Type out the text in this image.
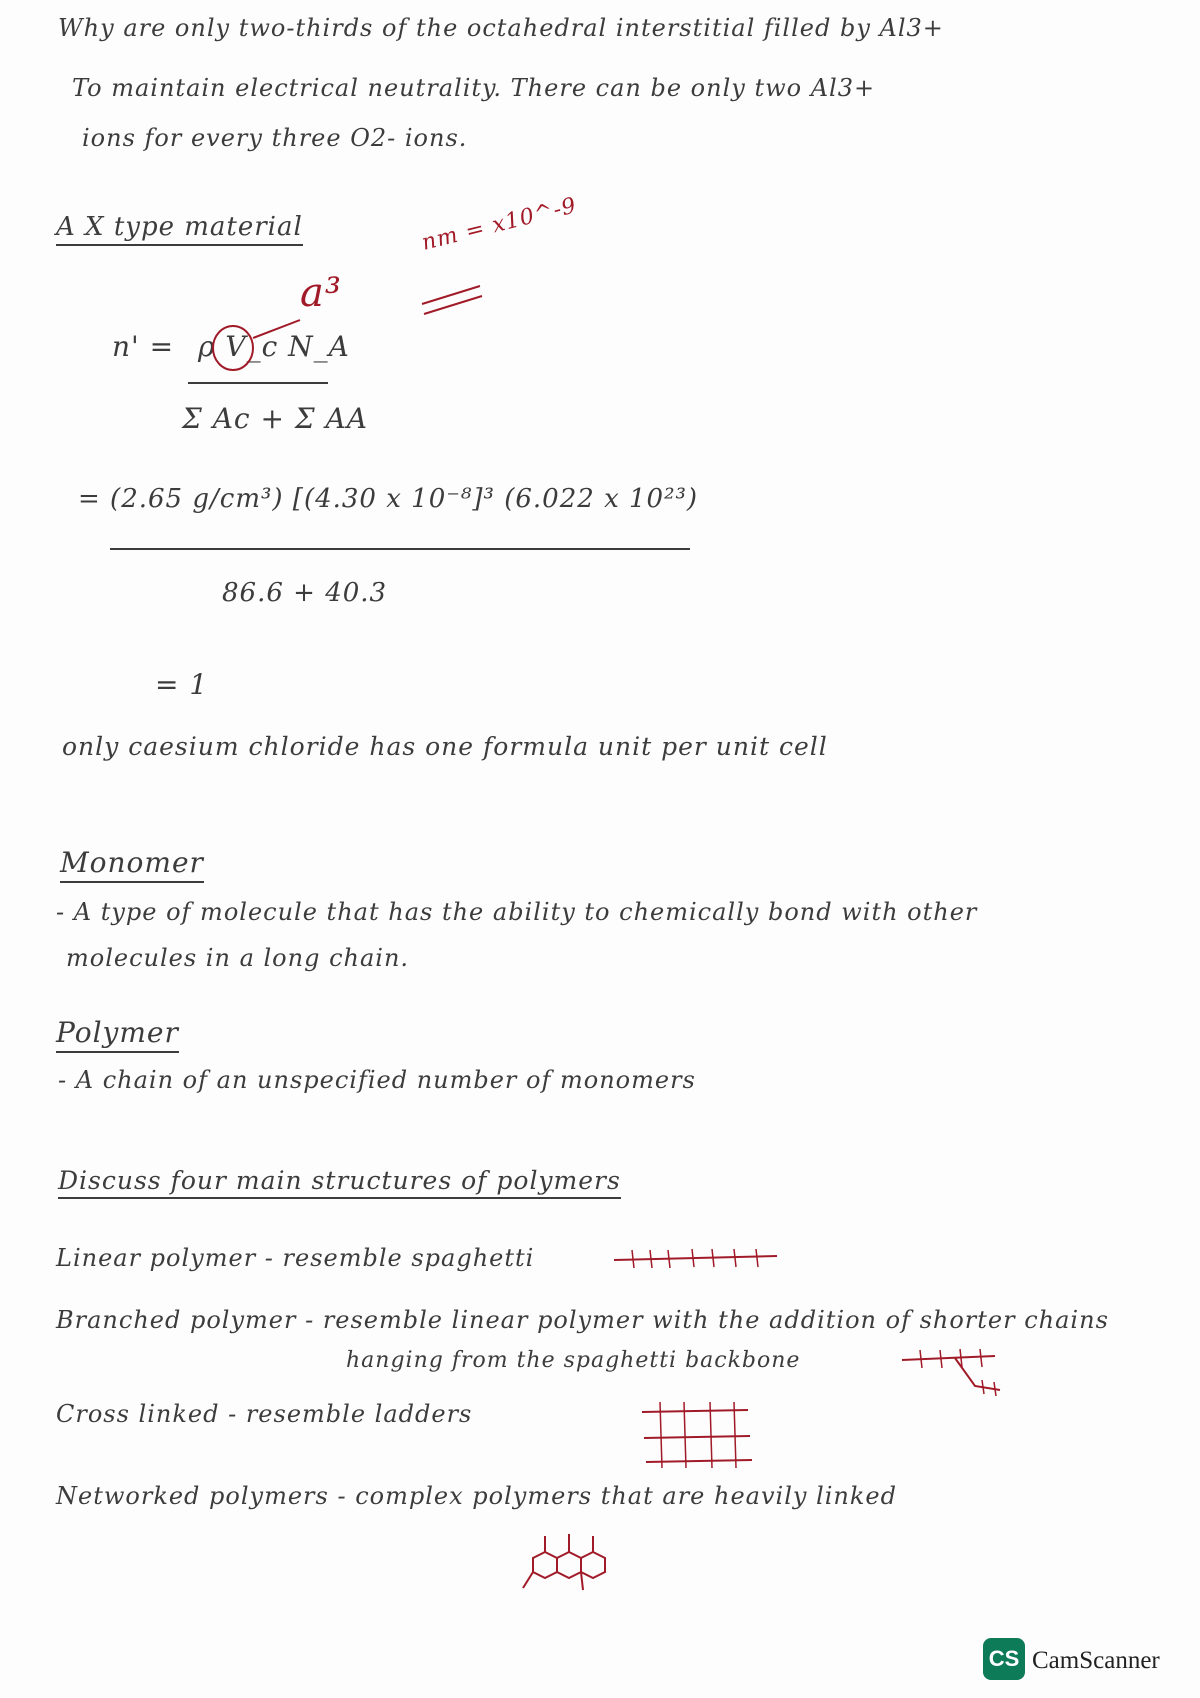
Why are only two-thirds of the octahedral interstitial filled by Al3+
To maintain electrical neutrality. There can be only two Al3+
ions for every three O2- ions.
A X type material	nm = x10^-9
n' = ρ V_c N_A
a³
Σ Ac + Σ AA
= (2.65 g/cm³) [(4.30 x 10⁻⁸]³ (6.022 x 10²³)
86.6 + 40.3
= 1
only caesium chloride has one formula unit per unit cell
Monomer
- A type of molecule that has the ability to chemically bond with other
molecules in a long chain.
Polymer
- A chain of an unspecified number of monomers
Discuss four main structures of polymers
Linear polymer - resemble spaghetti
Branched polymer - resemble linear polymer with the addition of shorter chains
hanging from the spaghetti backbone
Cross linked - resemble ladders
Networked polymers - complex polymers that are heavily linked
CS CamScanner
